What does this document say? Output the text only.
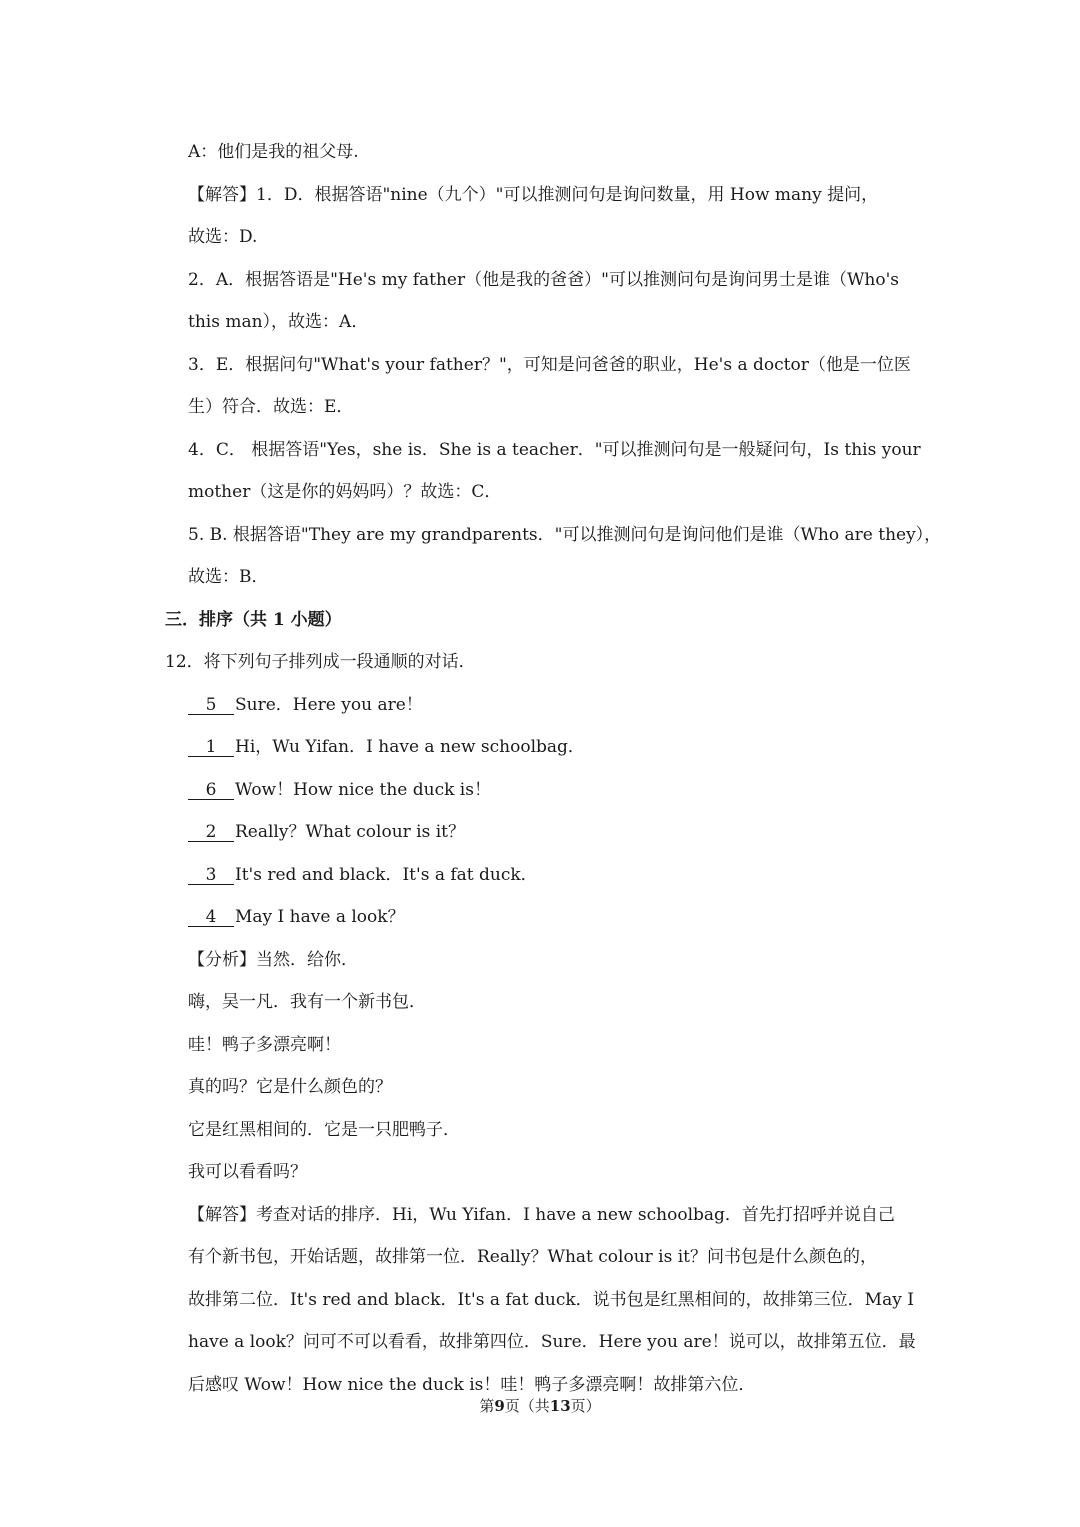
A：他们是我的祖父母.
【解答】1．D．根据答语"nine（九个）"可以推测问句是询问数量，用 How many 提问，
故选：D.
2．A．根据答语是"He's my father（他是我的爸爸）"可以推测问句是询问男士是谁（Who's
this man），故选：A．
3．E．根据问句"What's your father？"，可知是问爸爸的职业，He's a doctor（他是一位医
生）符合．故选：E．
4．C． 根据答语"Yes，she is．She is a teacher．"可以推测问句是一般疑问句，Is this your
mother（这是你的妈妈吗）？故选：C．
5. B. 根据答语"They are my grandparents．"可以推测问句是询问他们是谁（Who are they），
故选：B．
三．排序（共 1 小题）
12．将下列句子排列成一段通顺的对话．
5 Sure．Here you are！
1 Hi，Wu Yifan．I have a new schoolbag．
6 Wow！How nice the duck is！
2 Really？What colour is it？
3 It's red and black．It's a fat duck．
4 May I have a look？
【分析】当然．给你．
嗨，吴一凡．我有一个新书包．
哇！鸭子多漂亮啊！
真的吗？它是什么颜色的？
它是红黑相间的．它是一只肥鸭子．
我可以看看吗？
【解答】考查对话的排序．Hi，Wu Yifan．I have a new schoolbag．首先打招呼并说自己
有个新书包，开始话题，故排第一位．Really？What colour is it？问书包是什么颜色的，
故排第二位．It's red and black．It's a fat duck．说书包是红黑相间的，故排第三位．May I
have a look？问可不可以看看，故排第四位．Sure．Here you are！说可以，故排第五位．最
后感叹 Wow！How nice the duck is！哇！鸭子多漂亮啊！故排第六位．
第9页（共13页）
